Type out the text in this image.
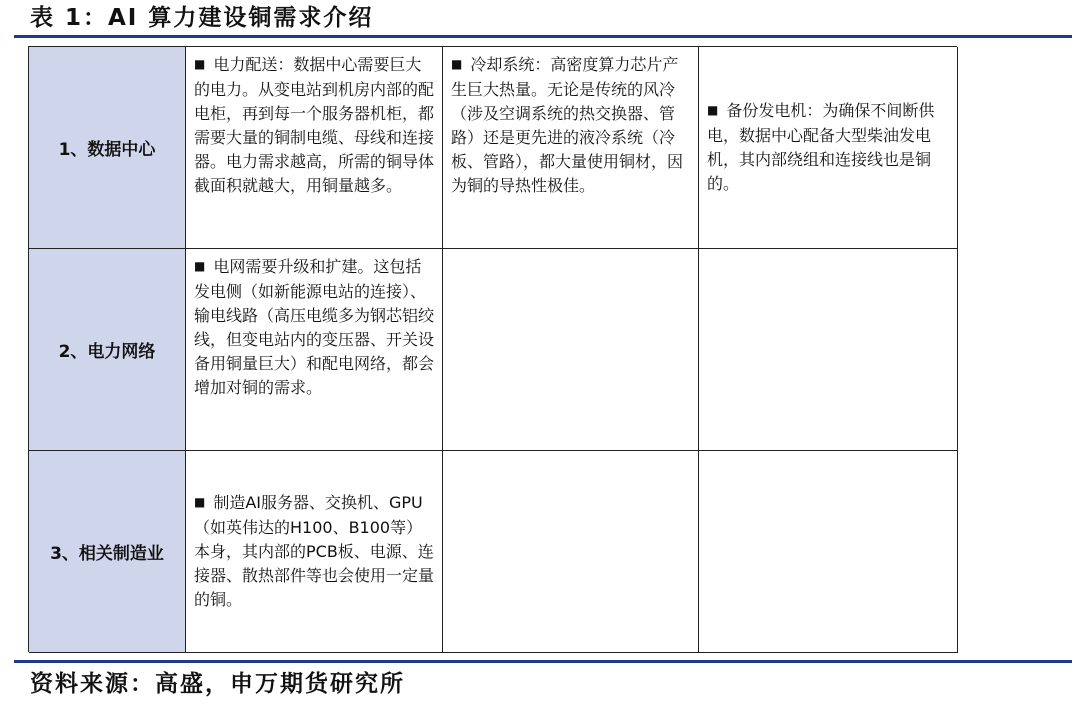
表 1：AI 算力建设铜需求介绍
1、数据中心

■ 电力配送：数据中心需要巨大的电力。从变电站到机房内部的配电柜，再到每一个服务器机柜，都需要大量的铜制电缆、母线和连接器。电力需求越高，所需的铜导体截面积就越大，用铜量越多。

■ 冷却系统：高密度算力芯片产生巨大热量。无论是传统的风冷（涉及空调系统的热交换器、管路）还是更先进的液冷系统（冷板、管路），都大量使用铜材，因为铜的导热性极佳。

■ 备份发电机：为确保不间断供电，数据中心配备大型柴油发电机，其内部绕组和连接线也是铜的。

2、电力网络

■ 电网需要升级和扩建。这包括发电侧（如新能源电站的连接）、输电线路（高压电缆多为钢芯铝绞线，但变电站内的变压器、开关设备用铜量巨大）和配电网络，都会增加对铜的需求。

3、相关制造业

■ 制造AI服务器、交换机、GPU（如英伟达的H100、B100等）本身，其内部的PCB板、电源、连接器、散热部件等也会使用一定量的铜。

资料来源：高盛，申万期货研究所
